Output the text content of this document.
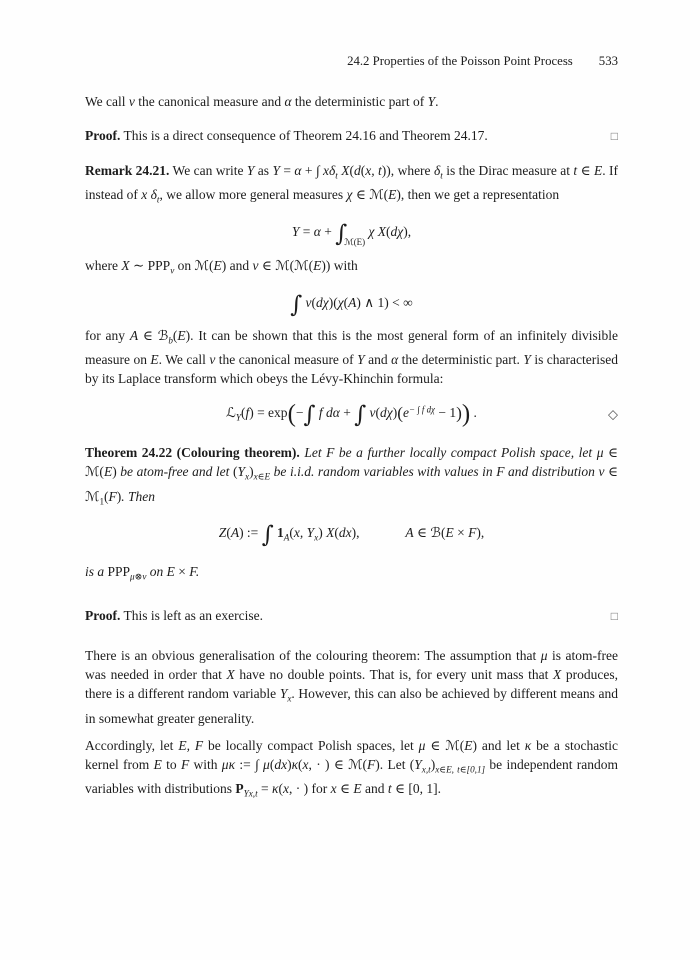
24.2 Properties of the Poisson Point Process 533

We call ν the canonical measure and α the deterministic part of Y.

Proof. This is a direct consequence of Theorem 24.16 and Theorem 24.17.	□

Remark 24.21. We can write Y as Y = α + ∫ $x\delta_t$ X(d(x, t)), where $\delta_t$ is the Dirac measure at t ∈ E. If instead of x $\delta_t$, we allow more general measures χ ∈ ℳ(E), then we get a representation

$Y = \alpha + \int_{ℳ(E)}$ χ X(dχ),

where X ∼ $PPP_\nu$ on ℳ(E) and ν ∈ ℳ(ℳ(E)) with

∫ ν(dχ)(χ(A) ∧ 1) < ∞

for any A ∈ ℬ$_b$(E). It can be shown that this is the most general form of an infinitely divisible measure on E. We call ν the canonical measure of Y and α the deterministic part. Y is characterised by its Laplace transform which obeys the Lévy-Khinchin formula:

ℒ$_Y$(f) = exp(−∫ f dα + ∫ $\nu(d\chi)(e^{- \int f d\chi} - 1)$) .	◇

Theorem 24.22 (Colouring theorem). Let F be a further locally compact Polish space, let μ ∈ ℳ(E) be atom-free and let $(Y_x)_{x\in E}$ be i.i.d. random variables with values in F and distribution ν ∈ ℳ$_1$(F). Then

Z(A) := ∫ $1_A(x$, $Y_x$) X(dx),	A ∈ ℬ(E × F),

is a $PPP_{\mu\otimes\nu}$ on E × F.

Proof. This is left as an exercise.	□

There is an obvious generalisation of the colouring theorem: The assumption that μ is atom-free was needed in order that X have no double points. That is, for every unit mass that X produces, there is a different random variable $Y_x$. However, this can also be achieved by different means and in somewhat greater generality.

Accordingly, let E, F be locally compact Polish spaces, let μ ∈ ℳ(E) and let κ be a stochastic kernel from E to F with μκ := ∫ μ(dx)κ(x, · ) ∈ ℳ(F). Let $(Y_{x,t})_{x\in E, t\in[0,1]}$ be independent random variables with distributions $P_{Yx,t} = \kappa(x$, · ) for x ∈ E and t ∈ [0, 1].
